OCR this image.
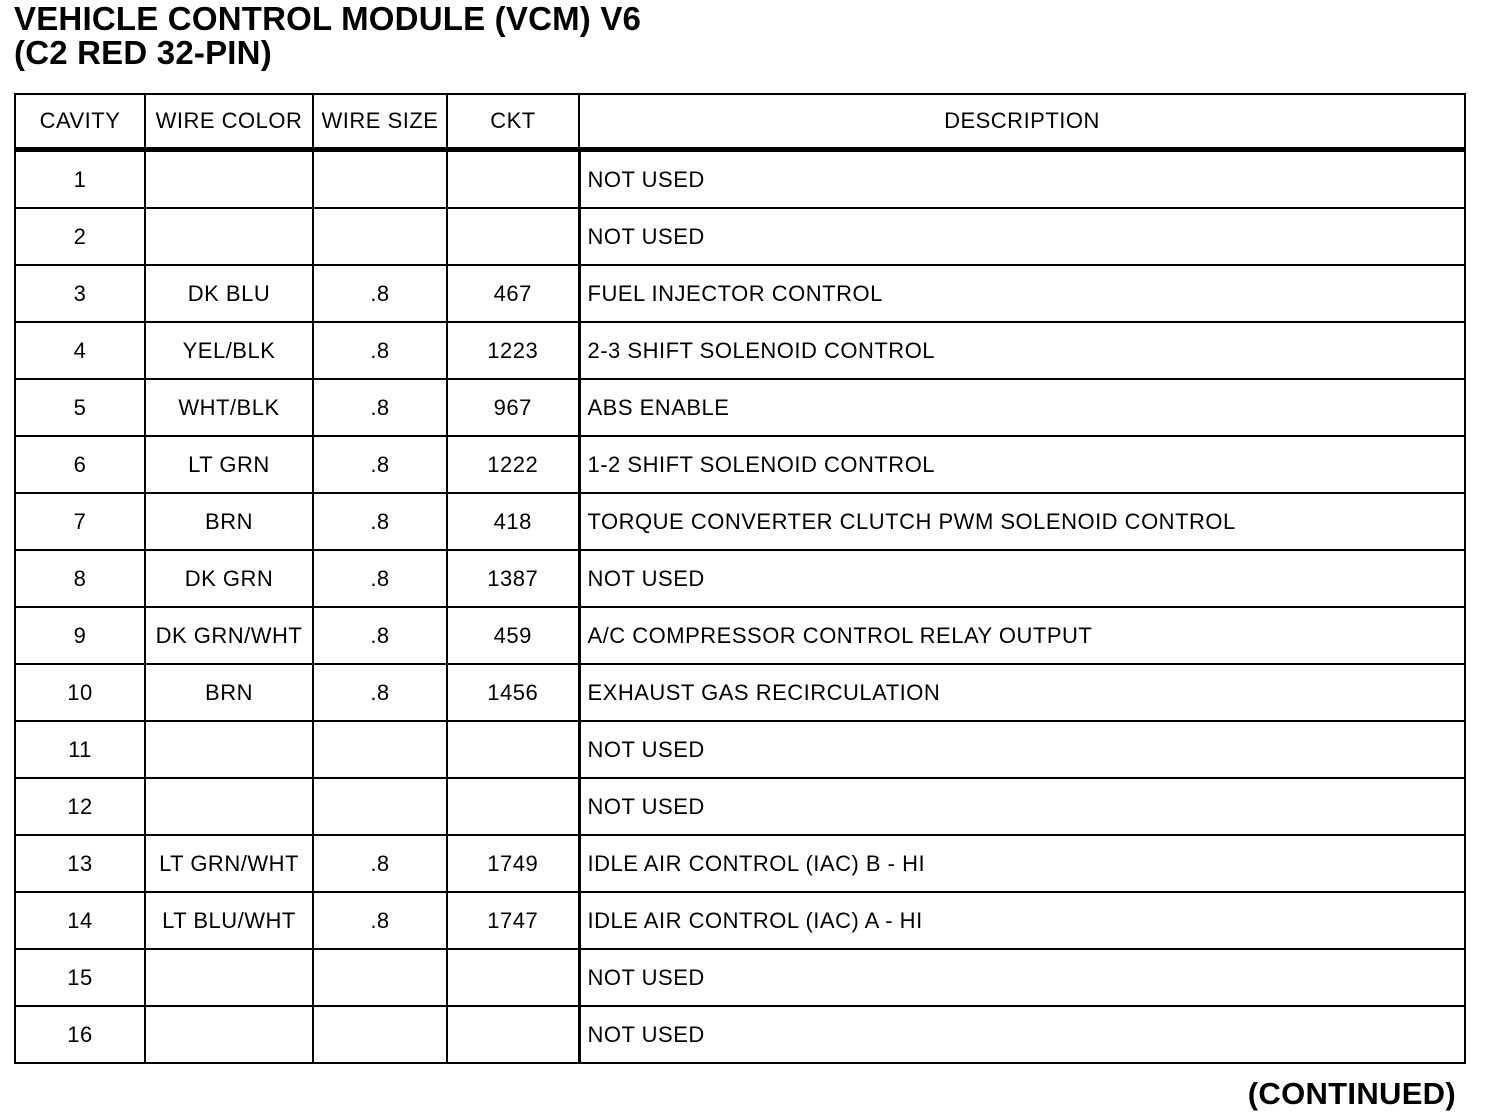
VEHICLE CONTROL MODULE (VCM) V6
(C2 RED 32-PIN)
CAVITY	WIRE COLOR	WIRE SIZE	CKT	DESCRIPTION
1				NOT USED
2				NOT USED
3	DK BLU	.8	467	FUEL INJECTOR CONTROL
4	YEL/BLK	.8	1223	2-3 SHIFT SOLENOID CONTROL
5	WHT/BLK	.8	967	ABS ENABLE
6	LT GRN	.8	1222	1-2 SHIFT SOLENOID CONTROL
7	BRN	.8	418	TORQUE CONVERTER CLUTCH PWM SOLENOID CONTROL
8	DK GRN	.8	1387	NOT USED
9	DK GRN/WHT	.8	459	A/C COMPRESSOR CONTROL RELAY OUTPUT
10	BRN	.8	1456	EXHAUST GAS RECIRCULATION
11				NOT USED
12				NOT USED
13	LT GRN/WHT	.8	1749	IDLE AIR CONTROL (IAC) B - HI
14	LT BLU/WHT	.8	1747	IDLE AIR CONTROL (IAC) A - HI
15				NOT USED
16				NOT USED
(CONTINUED)
